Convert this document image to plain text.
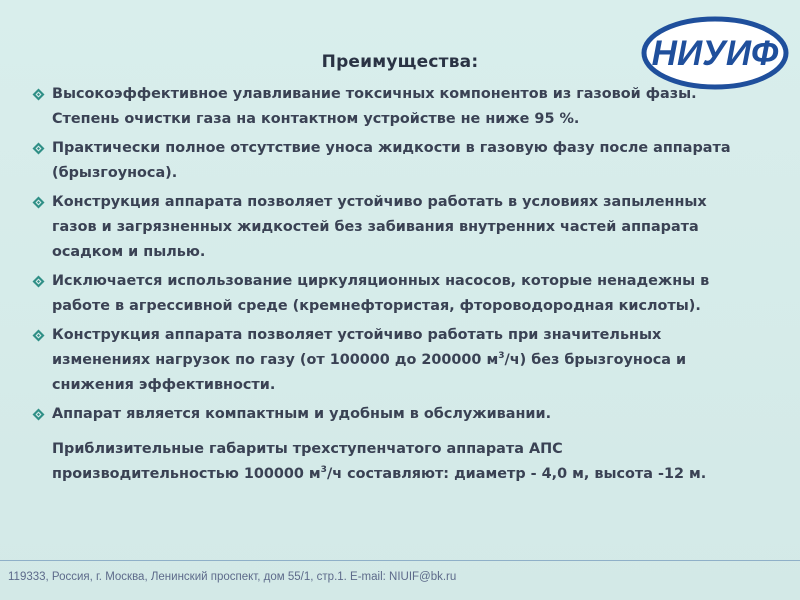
НИУИФ
Преимущества:
Высокоэффективное улавливание токсичных компонентов из газовой фазы. Степень очистки газа на контактном устройстве не ниже 95 %.
Практически полное отсутствие уноса жидкости в газовую фазу после аппарата (брызгоуноса).
Конструкция аппарата позволяет устойчиво работать в условиях запыленных газов и загрязненных жидкостей без забивания внутренних частей аппарата осадком и пылью.
Исключается использование циркуляционных насосов, которые ненадежны в работе в агрессивной среде (кремнефтористая, фтороводородная кислоты).
Конструкция аппарата позволяет устойчиво работать при значительных изменениях нагрузок по газу (от 100000 до 200000 $м^3/ч$) без брызгоуноса и снижения эффективности.
Аппарат является компактным и удобным в обслуживании.
Приблизительные габариты трехступенчатого аппарата АПС производительностью 100000 $м^3/ч$ составляют: диаметр - 4,0 м, высота -12 м.
119333, Россия, г. Москва, Ленинский проспект, дом 55/1, стр.1. E-mail: NIUIF@bk.ru
